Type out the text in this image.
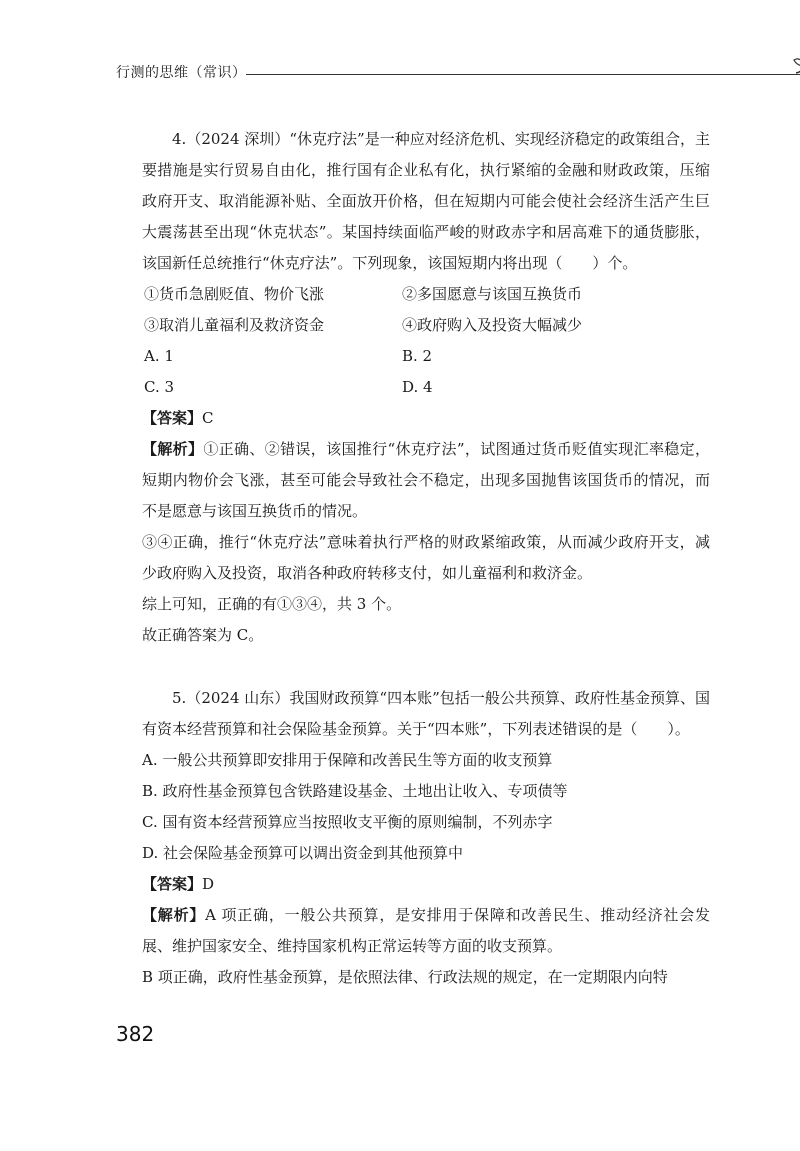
行测的思维（常识）

4.（2024 深圳）“休克疗法”是一种应对经济危机、实现经济稳定的政策组合，主要措施是实行贸易自由化，推行国有企业私有化，执行紧缩的金融和财政政策，压缩政府开支、取消能源补贴、全面放开价格，但在短期内可能会使社会经济生活产生巨大震荡甚至出现“休克状态”。某国持续面临严峻的财政赤字和居高难下的通货膨胀，该国新任总统推行“休克疗法”。下列现象，该国短期内将出现（　　）个。

①货币急剧贬值、物价飞涨	②多国愿意与该国互换货币
③取消儿童福利及救济资金	④政府购入及投资大幅减少
A. 1	B. 2
C. 3	D. 4
【答案】C

【解析】①正确、②错误，该国推行“休克疗法”，试图通过货币贬值实现汇率稳定，短期内物价会飞涨，甚至可能会导致社会不稳定，出现多国抛售该国货币的情况，而不是愿意与该国互换货币的情况。

③④正确，推行“休克疗法”意味着执行严格的财政紧缩政策，从而减少政府开支，减少政府购入及投资，取消各种政府转移支付，如儿童福利和救济金。

综上可知，正确的有①③④，共 3 个。

故正确答案为 C。

5.（2024 山东）我国财政预算“四本账”包括一般公共预算、政府性基金预算、国有资本经营预算和社会保险基金预算。关于“四本账”，下列表述错误的是（　　）。

A. 一般公共预算即安排用于保障和改善民生等方面的收支预算
B. 政府性基金预算包含铁路建设基金、土地出让收入、专项债等
C. 国有资本经营预算应当按照收支平衡的原则编制，不列赤字
D. 社会保险基金预算可以调出资金到其他预算中
【答案】D

【解析】A 项正确，一般公共预算，是安排用于保障和改善民生、推动经济社会发展、维护国家安全、维持国家机构正常运转等方面的收支预算。

B 项正确，政府性基金预算，是依照法律、行政法规的规定，在一定期限内向特

382
